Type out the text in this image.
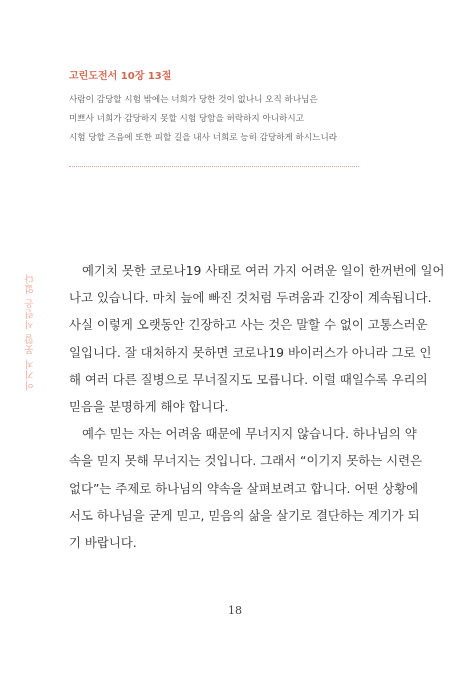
고린도전서 10장 13절
사람이 감당할 시험 밖에는 너희가 당한 것이 없나니 오직 하나님은
미쁘사 너희가 감당하지 못할 시험 당함을 허락하지 아니하시고
시험 당할 즈음에 또한 피할 길을 내사 너희로 능히 감당하게 하시느니라
이기지 못할 시련은 없다
예기치 못한 코로나19 사태로 여러 가지 어려운 일이 한꺼번에 일어
나고 있습니다. 마치 늪에 빠진 것처럼 두려움과 긴장이 계속됩니다.
사실 이렇게 오랫동안 긴장하고 사는 것은 말할 수 없이 고통스러운
일입니다. 잘 대처하지 못하면 코로나19 바이러스가 아니라 그로 인
해 여러 다른 질병으로 무너질지도 모릅니다. 이럴 때일수록 우리의
믿음을 분명하게 해야 합니다.
예수 믿는 자는 어려움 때문에 무너지지 않습니다. 하나님의 약
속을 믿지 못해 무너지는 것입니다. 그래서 “이기지 못하는 시련은
없다”는 주제로 하나님의 약속을 살펴보려고 합니다. 어떤 상황에
서도 하나님을 굳게 믿고, 믿음의 삶을 살기로 결단하는 계기가 되
기 바랍니다.
18
